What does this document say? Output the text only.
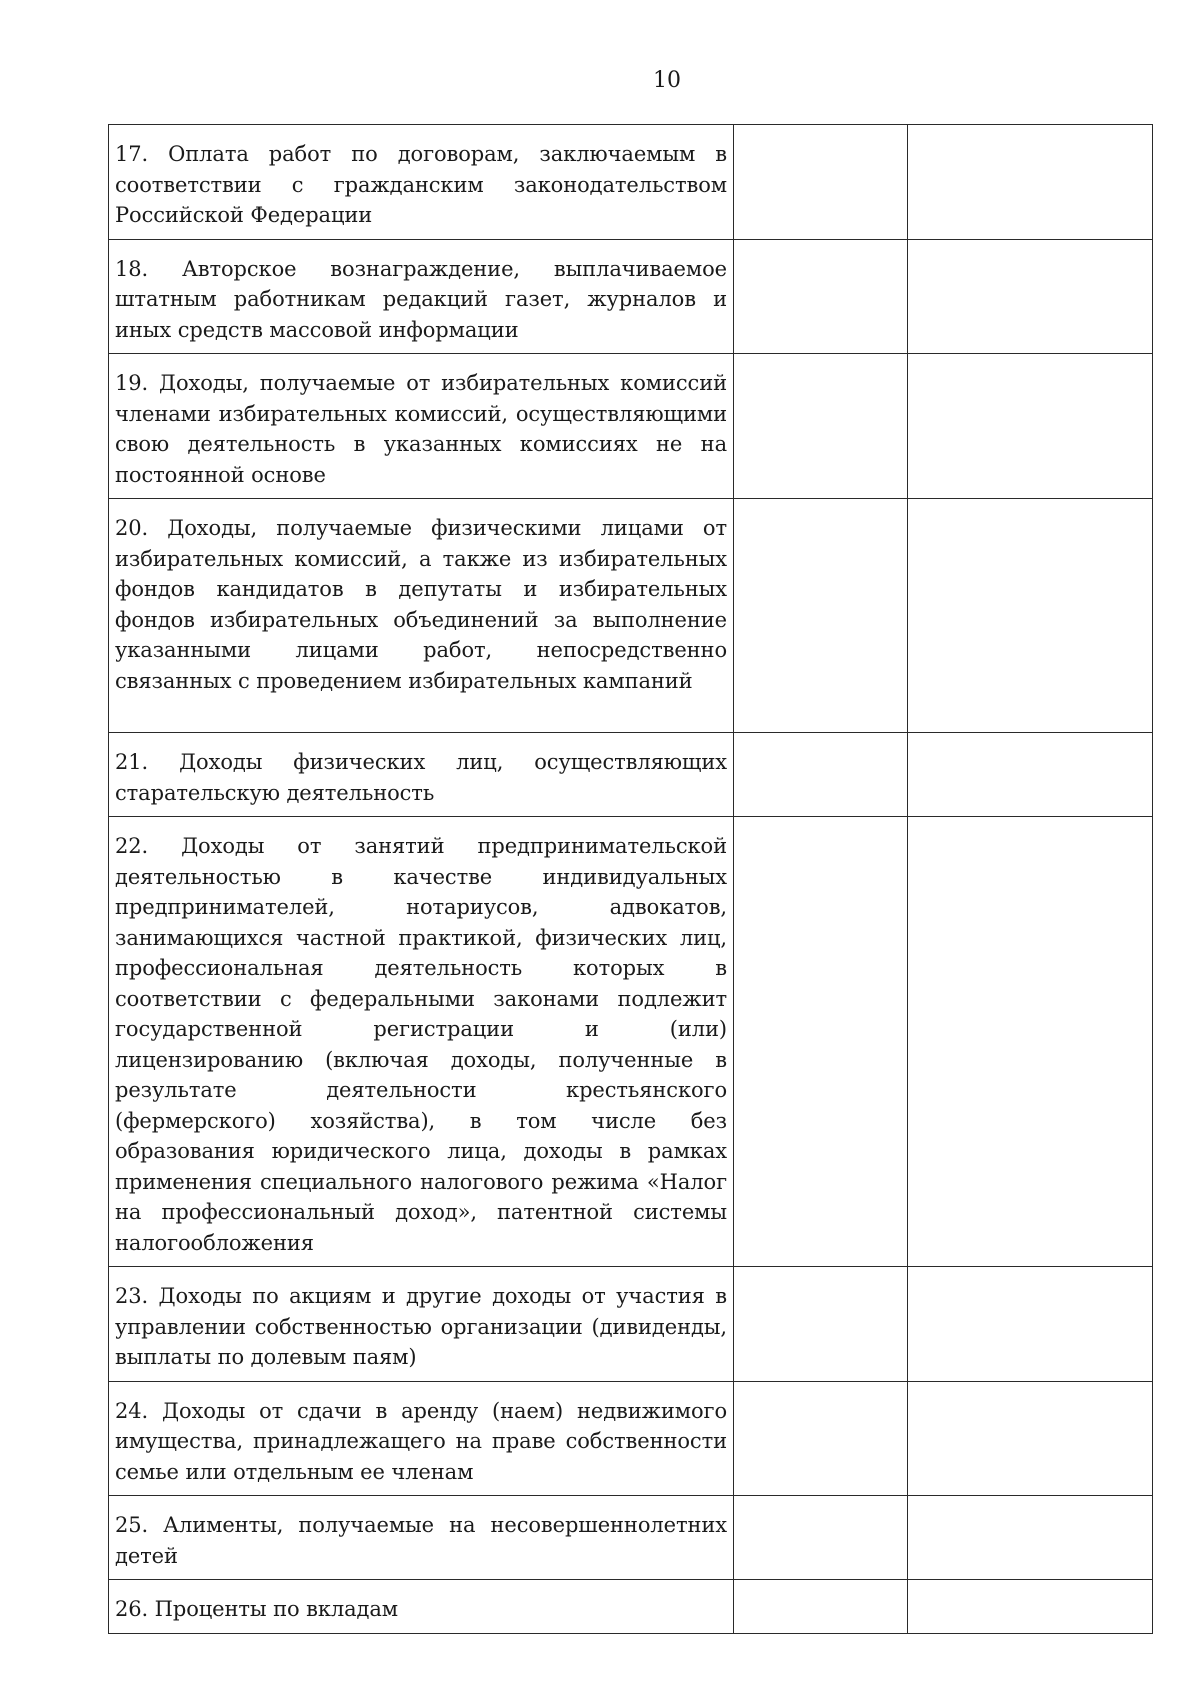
10
17. Оплата работ по договорам, заключаемым в соответствии с гражданским законодательством Российской Федерации		

18. Авторское вознаграждение, выплачиваемое штатным работникам редакций газет, журналов и иных средств массовой информации		

19. Доходы, получаемые от избирательных комиссий членами избирательных комиссий, осуществляющими свою деятельность в указанных комиссиях не на постоянной основе		

20. Доходы, получаемые физическими лицами от избирательных комиссий, а также из избирательных фондов кандидатов в депутаты и избирательных фондов избирательных объединений за выполнение указанными лицами работ, непосредственно связанных с проведением избирательных кампаний		

21. Доходы физических лиц, осуществляющих старательскую деятельность		

22. Доходы от занятий предпринимательской деятельностью в качестве индивидуальных предпринимателей, нотариусов, адвокатов, занимающихся частной практикой, физических лиц, профессиональная деятельность которых в соответствии с федеральными законами подлежит государственной регистрации и (или) лицензированию (включая доходы, полученные в результате деятельности крестьянского (фермерского) хозяйства), в том числе без образования юридического лица, доходы в рамках применения специального налогового режима «Налог на профессиональный доход», патентной системы налогообложения		

23. Доходы по акциям и другие доходы от участия в управлении собственностью организации (дивиденды, выплаты по долевым паям)		

24. Доходы от сдачи в аренду (наем) недвижимого имущества, принадлежащего на праве собственности семье или отдельным ее членам		

25. Алименты, получаемые на несовершеннолетних детей		

26. Проценты по вкладам		
